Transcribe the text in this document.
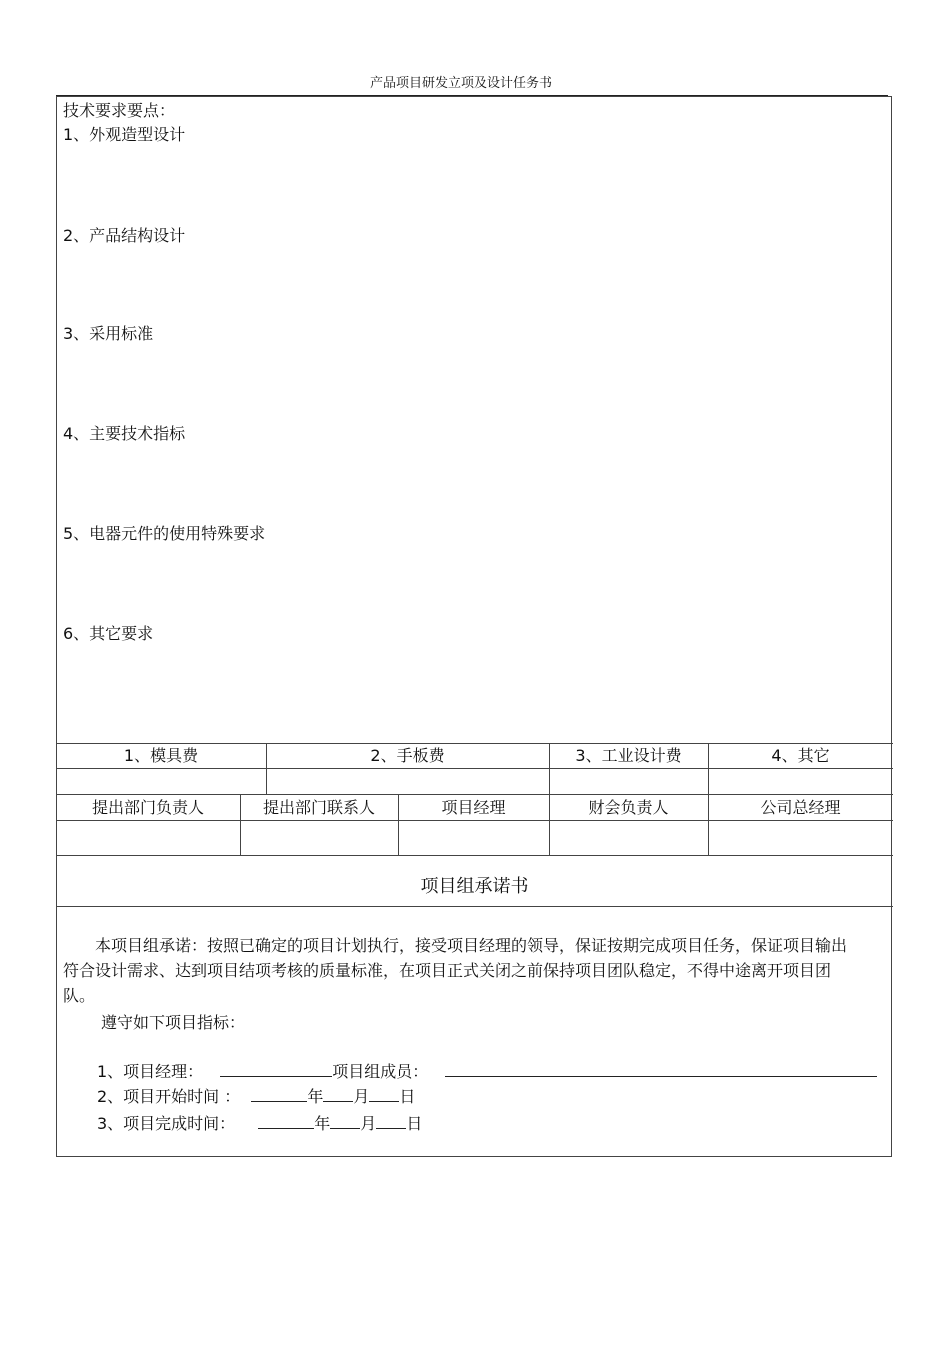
产品项目研发立项及设计任务书
技术要求要点：
1、外观造型设计
2、产品结构设计
3、采用标准
4、主要技术指标
5、电器元件的使用特殊要求
6、其它要求
1、模具费	2、手板费	3、工业设计费	4、其它
提出部门负责人	提出部门联系人	项目经理	财会负责人	公司总经理
项目组承诺书
本项目组承诺：按照已确定的项目计划执行，接受项目经理的领导，保证按期完成项目任务，保证项目输出符合设计需求、达到项目结项考核的质量标准，在项目正式关闭之前保持项目团队稳定，不得中途离开项目团队。
遵守如下项目指标：
1、项目经理：	项目组成员：
2、项目开始时间 ：	年 月 日
3、项目完成时间：	年 月 日
